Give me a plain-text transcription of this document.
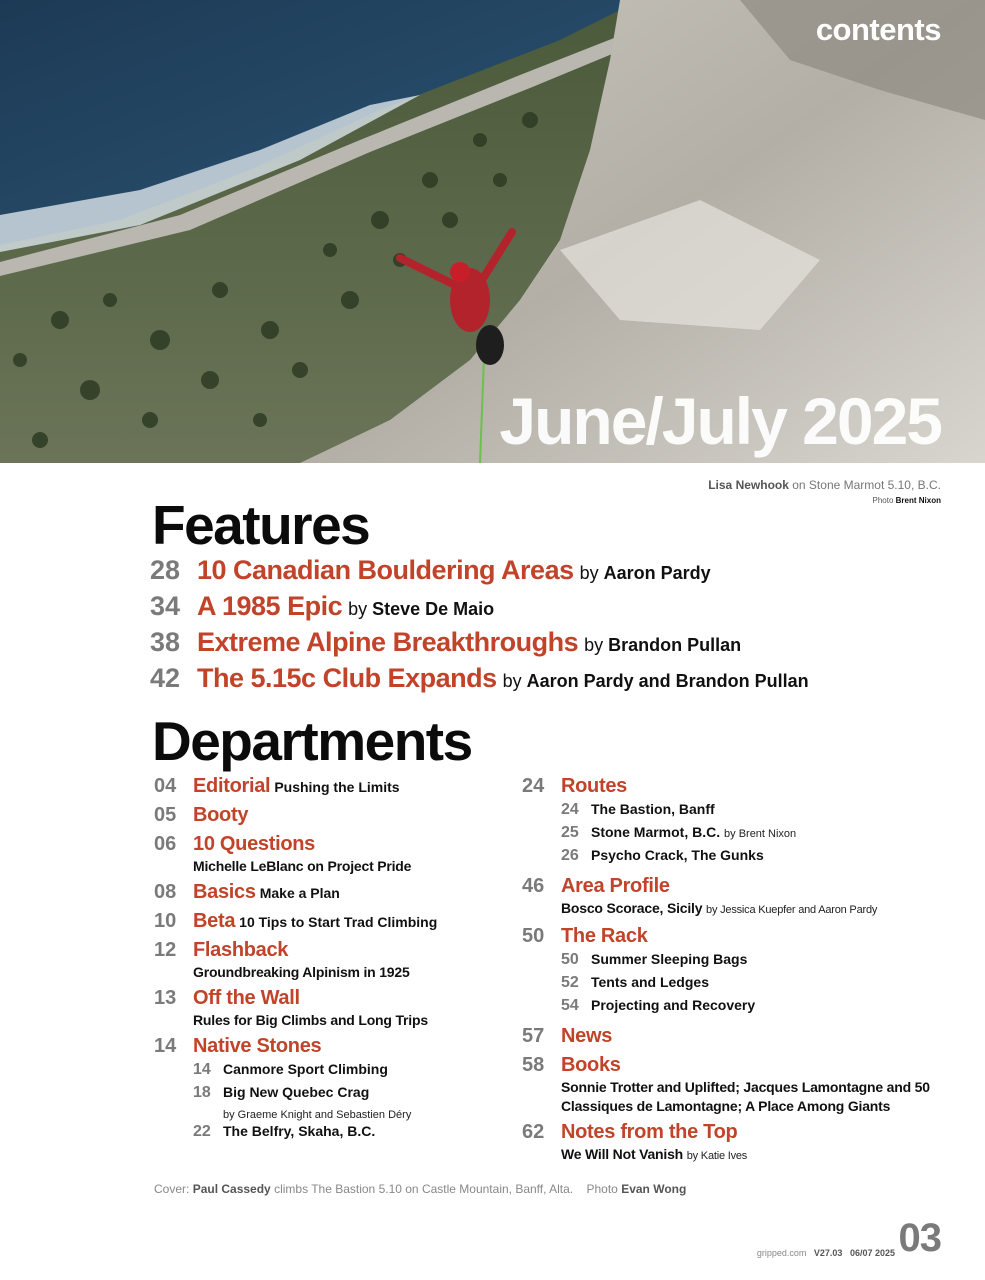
contents
June/July 2025
Lisa Newhook on Stone Marmot 5.10, B.C.
Photo Brent Nixon
Features
28 10 Canadian Bouldering Areas by Aaron Pardy
34 A 1985 Epic by Steve De Maio
38 Extreme Alpine Breakthroughs by Brandon Pullan
42 The 5.15c Club Expands by Aaron Pardy and Brandon Pullan
Departments
04 Editorial Pushing the Limits
05 Booty
06 10 Questions
Michelle LeBlanc on Project Pride
08 Basics Make a Plan
10 Beta 10 Tips to Start Trad Climbing
12 Flashback
Groundbreaking Alpinism in 1925
13 Off the Wall
Rules for Big Climbs and Long Trips
14 Native Stones
14 Canmore Sport Climbing
18 Big New Quebec Crag
by Graeme Knight and Sebastien Déry
22 The Belfry, Skaha, B.C.
24 Routes
24 The Bastion, Banff
25 Stone Marmot, B.C. by Brent Nixon
26 Psycho Crack, The Gunks
46 Area Profile
Bosco Scorace, Sicily by Jessica Kuepfer and Aaron Pardy
50 The Rack
50 Summer Sleeping Bags
52 Tents and Ledges
54 Projecting and Recovery
57 News
58 Books
Sonnie Trotter and Uplifted; Jacques Lamontagne and 50 Classiques de Lamontagne; A Place Among Giants
62 Notes from the Top
We Will Not Vanish by Katie Ives
Cover: Paul Cassedy climbs The Bastion 5.10 on Castle Mountain, Banff, Alta. Photo Evan Wong
gripped.com V27.03 06/07 2025 03
